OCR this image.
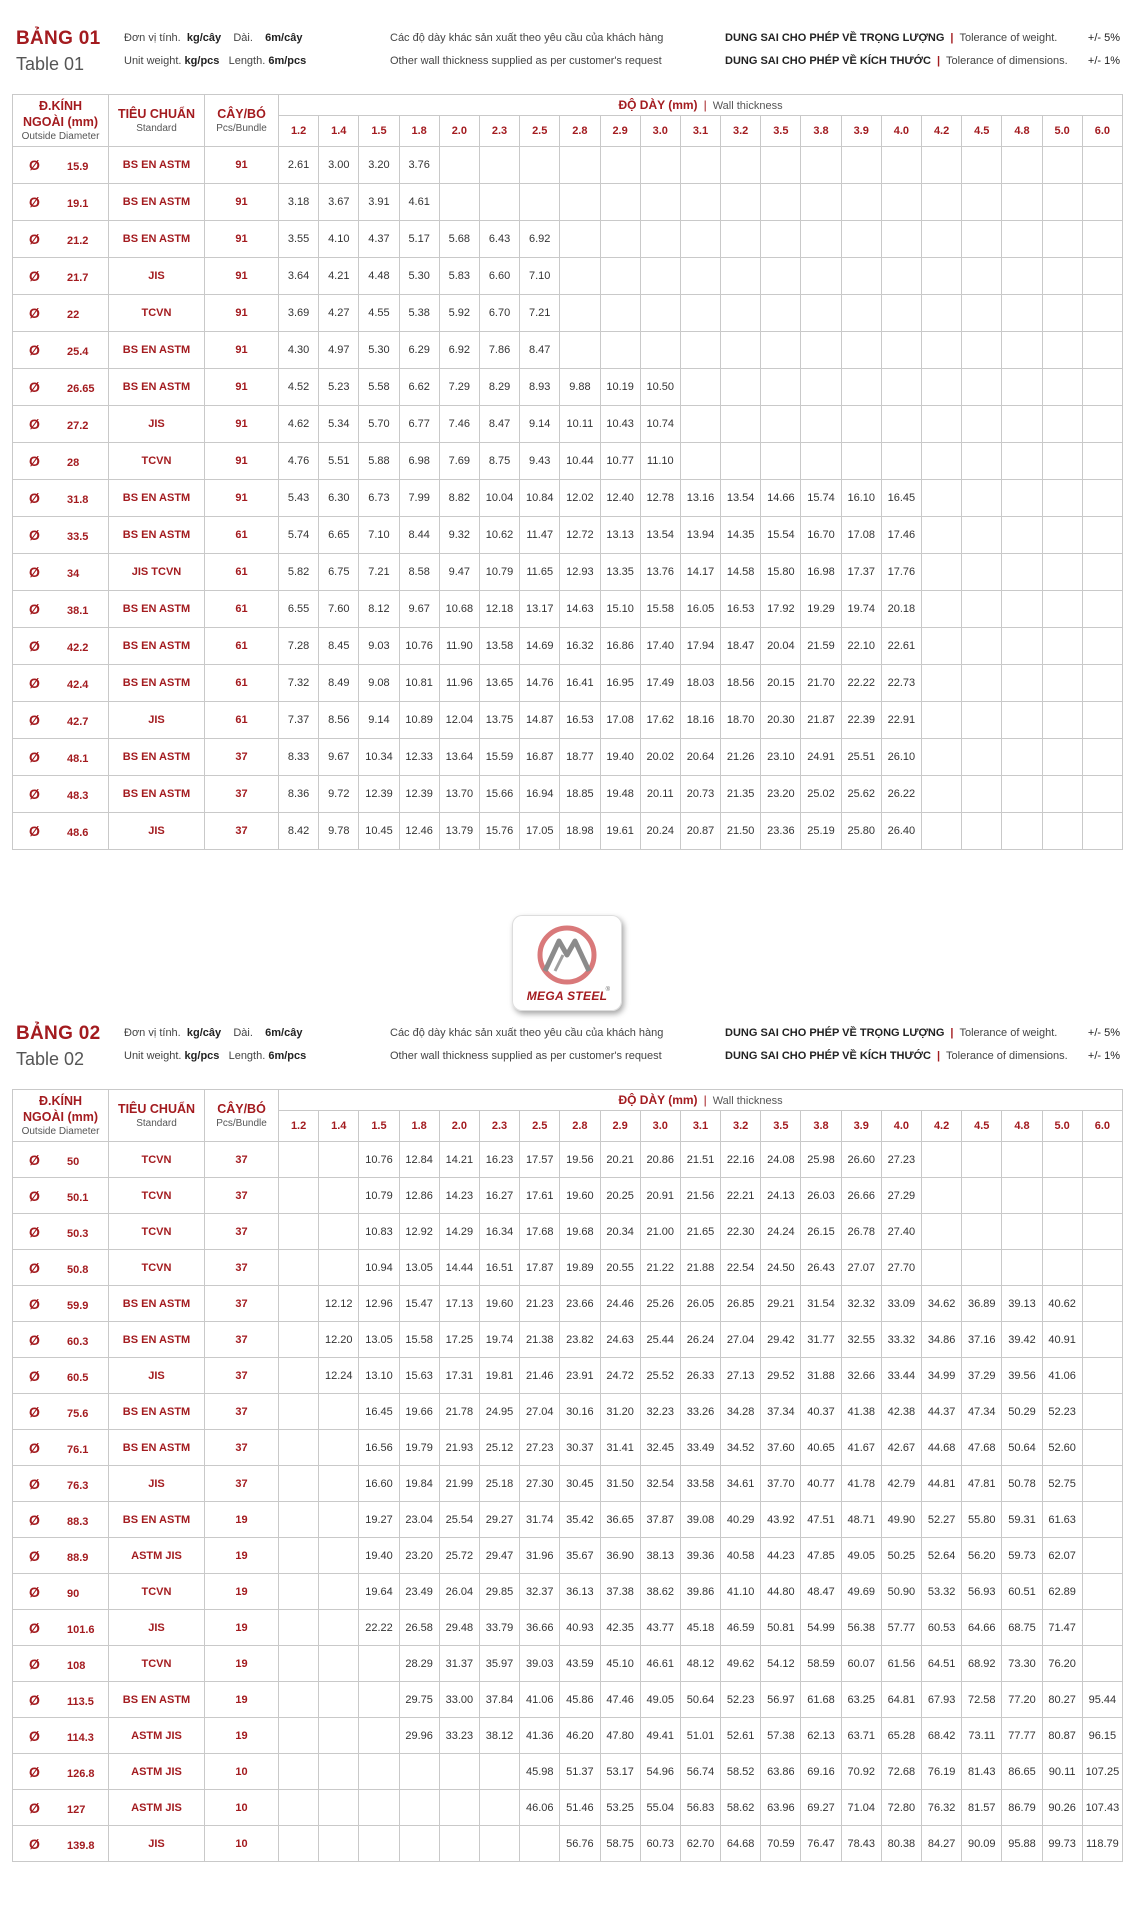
BẢNG 01
Table 01
Đơn vị tính. kg/cây Dài. 6m/cây
Unit weight. kg/pcs Length. 6m/pcs
Các độ dày khác sản xuất theo yêu cầu của khách hàng
Other wall thickness supplied as per customer's request
DUNG SAI CHO PHÉP VỀ TRỌNG LƯỢNG | Tolerance of weight.	+/- 5%
DUNG SAI CHO PHÉP VỀ KÍCH THƯỚC | Tolerance of dimensions. +/- 1%
Đ.KÍNH
NGOÀI (mm)
Outside Diameter	TIÊU CHUẨN
Standard	CÂY/BÓ
Pcs/Bundle	ĐỘ DÀY (mm) | Wall thickness																				
			1.2	1.4	1.5	1.8	2.0	2.3	2.5	2.8	2.9	3.0	3.1	3.2	3.5	3.8	3.9	4.0	4.2	4.5	4.8	5.0	6.0
Ø 15.9	BS EN ASTM	91	2.61	3.00	3.20	3.76																	
Ø 19.1	BS EN ASTM	91	3.18	3.67	3.91	4.61																	
Ø 21.2	BS EN ASTM	91	3.55	4.10	4.37	5.17	5.68	6.43	6.92														
Ø 21.7	JIS	91	3.64	4.21	4.48	5.30	5.83	6.60	7.10														
Ø 22	TCVN	91	3.69	4.27	4.55	5.38	5.92	6.70	7.21														
Ø 25.4	BS EN ASTM	91	4.30	4.97	5.30	6.29	6.92	7.86	8.47														
Ø 26.65	BS EN ASTM	91	4.52	5.23	5.58	6.62	7.29	8.29	8.93	9.88	10.19	10.50											
Ø 27.2	JIS	91	4.62	5.34	5.70	6.77	7.46	8.47	9.14	10.11	10.43	10.74											
Ø 28	TCVN	91	4.76	5.51	5.88	6.98	7.69	8.75	9.43	10.44	10.77	11.10											
Ø 31.8	BS EN ASTM	91	5.43	6.30	6.73	7.99	8.82	10.04	10.84	12.02	12.40	12.78	13.16	13.54	14.66	15.74	16.10	16.45					
Ø 33.5	BS EN ASTM	61	5.74	6.65	7.10	8.44	9.32	10.62	11.47	12.72	13.13	13.54	13.94	14.35	15.54	16.70	17.08	17.46					
Ø 34	JIS TCVN	61	5.82	6.75	7.21	8.58	9.47	10.79	11.65	12.93	13.35	13.76	14.17	14.58	15.80	16.98	17.37	17.76					
Ø 38.1	BS EN ASTM	61	6.55	7.60	8.12	9.67	10.68	12.18	13.17	14.63	15.10	15.58	16.05	16.53	17.92	19.29	19.74	20.18					
Ø 42.2	BS EN ASTM	61	7.28	8.45	9.03	10.76	11.90	13.58	14.69	16.32	16.86	17.40	17.94	18.47	20.04	21.59	22.10	22.61					
Ø 42.4	BS EN ASTM	61	7.32	8.49	9.08	10.81	11.96	13.65	14.76	16.41	16.95	17.49	18.03	18.56	20.15	21.70	22.22	22.73					
Ø 42.7	JIS	61	7.37	8.56	9.14	10.89	12.04	13.75	14.87	16.53	17.08	17.62	18.16	18.70	20.30	21.87	22.39	22.91					
Ø 48.1	BS EN ASTM	37	8.33	9.67	10.34	12.33	13.64	15.59	16.87	18.77	19.40	20.02	20.64	21.26	23.10	24.91	25.51	26.10					
Ø 48.3	BS EN ASTM	37	8.36	9.72	12.39	12.39	13.70	15.66	16.94	18.85	19.48	20.11	20.73	21.35	23.20	25.02	25.62	26.22					
Ø 48.6	JIS	37	8.42	9.78	10.45	12.46	13.79	15.76	17.05	18.98	19.61	20.24	20.87	21.50	23.36	25.19	25.80	26.40					
MEGA STEEL
®
BẢNG 02
Table 02
Đơn vị tính. kg/cây Dài. 6m/cây
Unit weight. kg/pcs Length. 6m/pcs
Các độ dày khác sản xuất theo yêu cầu của khách hàng
Other wall thickness supplied as per customer's request
DUNG SAI CHO PHÉP VỀ TRỌNG LƯỢNG | Tolerance of weight.	+/- 5%
DUNG SAI CHO PHÉP VỀ KÍCH THƯỚC | Tolerance of dimensions. +/- 1%
Đ.KÍNH
NGOÀI (mm)
Outside Diameter	TIÊU CHUẨN
Standard	CÂY/BÓ
Pcs/Bundle	ĐỘ DÀY (mm) | Wall thickness																				
			1.2	1.4	1.5	1.8	2.0	2.3	2.5	2.8	2.9	3.0	3.1	3.2	3.5	3.8	3.9	4.0	4.2	4.5	4.8	5.0	6.0
Ø 50	TCVN	37			10.76	12.84	14.21	16.23	17.57	19.56	20.21	20.86	21.51	22.16	24.08	25.98	26.60	27.23					
Ø 50.1	TCVN	37			10.79	12.86	14.23	16.27	17.61	19.60	20.25	20.91	21.56	22.21	24.13	26.03	26.66	27.29					
Ø 50.3	TCVN	37			10.83	12.92	14.29	16.34	17.68	19.68	20.34	21.00	21.65	22.30	24.24	26.15	26.78	27.40					
Ø 50.8	TCVN	37			10.94	13.05	14.44	16.51	17.87	19.89	20.55	21.22	21.88	22.54	24.50	26.43	27.07	27.70					
Ø 59.9	BS EN ASTM	37		12.12	12.96	15.47	17.13	19.60	21.23	23.66	24.46	25.26	26.05	26.85	29.21	31.54	32.32	33.09	34.62	36.89	39.13	40.62	
Ø 60.3	BS EN ASTM	37		12.20	13.05	15.58	17.25	19.74	21.38	23.82	24.63	25.44	26.24	27.04	29.42	31.77	32.55	33.32	34.86	37.16	39.42	40.91	
Ø 60.5	JIS	37		12.24	13.10	15.63	17.31	19.81	21.46	23.91	24.72	25.52	26.33	27.13	29.52	31.88	32.66	33.44	34.99	37.29	39.56	41.06	
Ø 75.6	BS EN ASTM	37			16.45	19.66	21.78	24.95	27.04	30.16	31.20	32.23	33.26	34.28	37.34	40.37	41.38	42.38	44.37	47.34	50.29	52.23	
Ø 76.1	BS EN ASTM	37			16.56	19.79	21.93	25.12	27.23	30.37	31.41	32.45	33.49	34.52	37.60	40.65	41.67	42.67	44.68	47.68	50.64	52.60	
Ø 76.3	JIS	37			16.60	19.84	21.99	25.18	27.30	30.45	31.50	32.54	33.58	34.61	37.70	40.77	41.78	42.79	44.81	47.81	50.78	52.75	
Ø 88.3	BS EN ASTM	19			19.27	23.04	25.54	29.27	31.74	35.42	36.65	37.87	39.08	40.29	43.92	47.51	48.71	49.90	52.27	55.80	59.31	61.63	
Ø 88.9	ASTM JIS	19			19.40	23.20	25.72	29.47	31.96	35.67	36.90	38.13	39.36	40.58	44.23	47.85	49.05	50.25	52.64	56.20	59.73	62.07	
Ø 90	TCVN	19			19.64	23.49	26.04	29.85	32.37	36.13	37.38	38.62	39.86	41.10	44.80	48.47	49.69	50.90	53.32	56.93	60.51	62.89	
Ø 101.6	JIS	19			22.22	26.58	29.48	33.79	36.66	40.93	42.35	43.77	45.18	46.59	50.81	54.99	56.38	57.77	60.53	64.66	68.75	71.47	
Ø 108	TCVN	19				28.29	31.37	35.97	39.03	43.59	45.10	46.61	48.12	49.62	54.12	58.59	60.07	61.56	64.51	68.92	73.30	76.20	
Ø 113.5	BS EN ASTM	19				29.75	33.00	37.84	41.06	45.86	47.46	49.05	50.64	52.23	56.97	61.68	63.25	64.81	67.93	72.58	77.20	80.27	95.44
Ø 114.3	ASTM JIS	19				29.96	33.23	38.12	41.36	46.20	47.80	49.41	51.01	52.61	57.38	62.13	63.71	65.28	68.42	73.11	77.77	80.87	96.15
Ø 126.8	ASTM JIS	10							45.98	51.37	53.17	54.96	56.74	58.52	63.86	69.16	70.92	72.68	76.19	81.43	86.65	90.11	107.25
Ø 127	ASTM JIS	10							46.06	51.46	53.25	55.04	56.83	58.62	63.96	69.27	71.04	72.80	76.32	81.57	86.79	90.26	107.43
Ø 139.8	JIS	10								56.76	58.75	60.73	62.70	64.68	70.59	76.47	78.43	80.38	84.27	90.09	95.88	99.73	118.79
